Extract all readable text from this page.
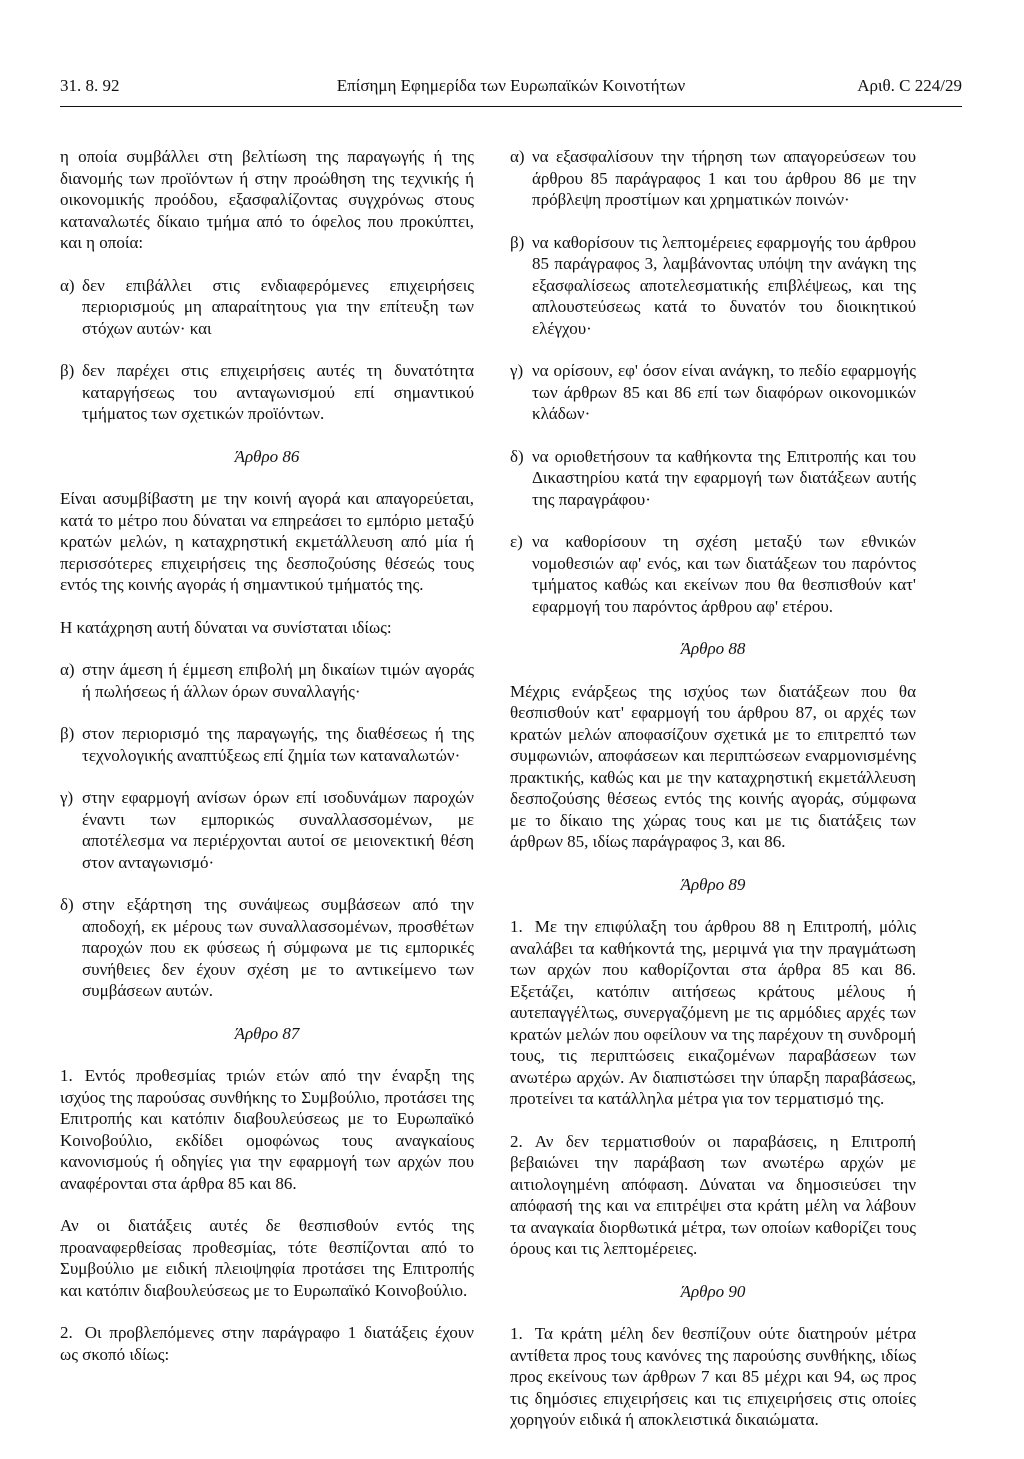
31. 8. 92	Επίσημη Εφημερίδα των Ευρωπαϊκών Κοινοτήτων	Αριθ. C 224/29

η οποία συμβάλλει στη βελτίωση της παραγωγής ή της διανομής των προϊόντων ή στην προώθηση της τεχνικής ή οικονομικής προόδου, εξασφαλίζοντας συγχρόνως στους καταναλωτές δίκαιο τμήμα από το όφελος που προκύπτει, και η οποία:

α) δεν επιβάλλει στις ενδιαφερόμενες επιχειρήσεις περιορισμούς μη απαραίτητους για την επίτευξη των στόχων αυτών· και
β) δεν παρέχει στις επιχειρήσεις αυτές τη δυνατότητα καταργήσεως του ανταγωνισμού επί σημαντικού τμήματος των σχετικών προϊόντων.
Άρθρο 86

Είναι ασυμβίβαστη με την κοινή αγορά και απαγορεύεται, κατά το μέτρο που δύναται να επηρεάσει το εμπόριο μεταξύ κρατών μελών, η καταχρηστική εκμετάλλευση από μία ή περισσότερες επιχειρήσεις της δεσποζούσης θέσεώς τους εντός της κοινής αγοράς ή σημαντικού τμήματός της.

Η κατάχρηση αυτή δύναται να συνίσταται ιδίως:

α) στην άμεση ή έμμεση επιβολή μη δικαίων τιμών αγοράς ή πωλήσεως ή άλλων όρων συναλλαγής·
β) στον περιορισμό της παραγωγής, της διαθέσεως ή της τεχνολογικής αναπτύξεως επί ζημία των καταναλωτών·
γ) στην εφαρμογή ανίσων όρων επί ισοδυνάμων παροχών έναντι των εμπορικώς συναλλασσομένων, με αποτέλεσμα να περιέρχονται αυτοί σε μειονεκτική θέση στον ανταγωνισμό·
δ) στην εξάρτηση της συνάψεως συμβάσεων από την αποδοχή, εκ μέρους των συναλλασσομένων, προσθέτων παροχών που εκ φύσεως ή σύμφωνα με τις εμπορικές συνήθειες δεν έχουν σχέση με το αντικείμενο των συμβάσεων αυτών.
Άρθρο 87

1. Εντός προθεσμίας τριών ετών από την έναρξη της ισχύος της παρούσας συνθήκης το Συμβούλιο, προτάσει της Επιτροπής και κατόπιν διαβουλεύσεως με το Ευρωπαϊκό Κοινοβούλιο, εκδίδει ομοφώνως τους αναγκαίους κανονισμούς ή οδηγίες για την εφαρμογή των αρχών που αναφέρονται στα άρθρα 85 και 86.

Αν οι διατάξεις αυτές δε θεσπισθούν εντός της προαναφερθείσας προθεσμίας, τότε θεσπίζονται από το Συμβούλιο με ειδική πλειοψηφία προτάσει της Επιτροπής και κατόπιν διαβουλεύσεως με το Ευρωπαϊκό Κοινοβούλιο.

2. Οι προβλεπόμενες στην παράγραφο 1 διατάξεις έχουν ως σκοπό ιδίως:

α) να εξασφαλίσουν την τήρηση των απαγορεύσεων του άρθρου 85 παράγραφος 1 και του άρθρου 86 με την πρόβλεψη προστίμων και χρηματικών ποινών·
β) να καθορίσουν τις λεπτομέρειες εφαρμογής του άρθρου 85 παράγραφος 3, λαμβάνοντας υπόψη την ανάγκη της εξασφαλίσεως αποτελεσματικής επιβλέψεως, και της απλουστεύσεως κατά το δυνατόν του διοικητικού ελέγχου·
γ) να ορίσουν, εφ' όσον είναι ανάγκη, το πεδίο εφαρμογής των άρθρων 85 και 86 επί των διαφόρων οικονομικών κλάδων·
δ) να οριοθετήσουν τα καθήκοντα της Επιτροπής και του Δικαστηρίου κατά την εφαρμογή των διατάξεων αυτής της παραγράφου·
ε) να καθορίσουν τη σχέση μεταξύ των εθνικών νομοθεσιών αφ' ενός, και των διατάξεων του παρόντος τμήματος καθώς και εκείνων που θα θεσπισθούν κατ' εφαρμογή του παρόντος άρθρου αφ' ετέρου.
Άρθρο 88

Μέχρις ενάρξεως της ισχύος των διατάξεων που θα θεσπισθούν κατ' εφαρμογή του άρθρου 87, οι αρχές των κρατών μελών αποφασίζουν σχετικά με το επιτρεπτό των συμφωνιών, αποφάσεων και περιπτώσεων εναρμονισμένης πρακτικής, καθώς και με την καταχρηστική εκμετάλλευση δεσποζούσης θέσεως εντός της κοινής αγοράς, σύμφωνα με το δίκαιο της χώρας τους και με τις διατάξεις των άρθρων 85, ιδίως παράγραφος 3, και 86.

Άρθρο 89

1. Με την επιφύλαξη του άρθρου 88 η Επιτροπή, μόλις αναλάβει τα καθήκοντά της, μεριμνά για την πραγμάτωση των αρχών που καθορίζονται στα άρθρα 85 και 86. Εξετάζει, κατόπιν αιτήσεως κράτους μέλους ή αυτεπαγγέλτως, συνεργαζόμενη με τις αρμόδιες αρχές των κρατών μελών που οφείλουν να της παρέχουν τη συνδρομή τους, τις περιπτώσεις εικαζομένων παραβάσεων των ανωτέρω αρχών. Αν διαπιστώσει την ύπαρξη παραβάσεως, προτείνει τα κατάλληλα μέτρα για τον τερματισμό της.

2. Αν δεν τερματισθούν οι παραβάσεις, η Επιτροπή βεβαιώνει την παράβαση των ανωτέρω αρχών με αιτιολογημένη απόφαση. Δύναται να δημοσιεύσει την απόφασή της και να επιτρέψει στα κράτη μέλη να λάβουν τα αναγκαία διορθωτικά μέτρα, των οποίων καθορίζει τους όρους και τις λεπτομέρειες.

Άρθρο 90

1. Τα κράτη μέλη δεν θεσπίζουν ούτε διατηρούν μέτρα αντίθετα προς τους κανόνες της παρούσης συνθήκης, ιδίως προς εκείνους των άρθρων 7 και 85 μέχρι και 94, ως προς τις δημόσιες επιχειρήσεις και τις επιχειρήσεις στις οποίες χορηγούν ειδικά ή αποκλειστικά δικαιώματα.
